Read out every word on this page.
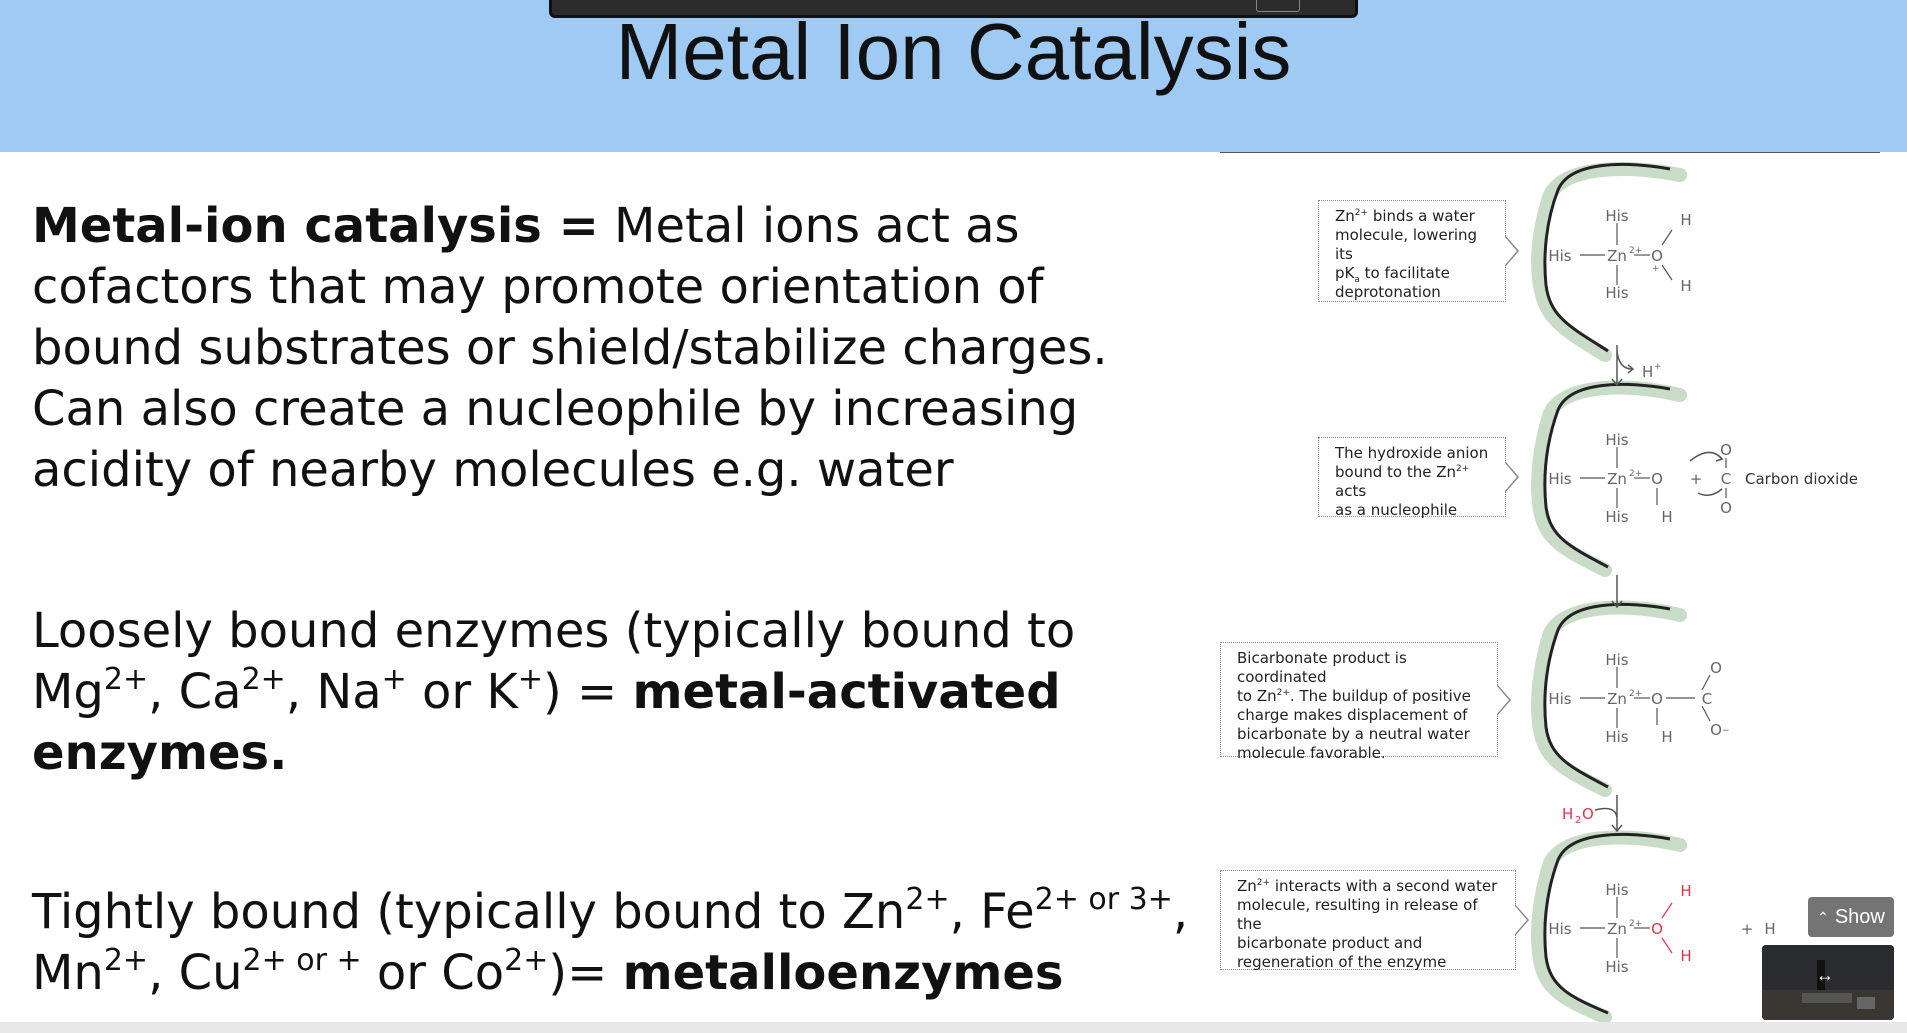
Metal Ion Catalysis
Metal-ion catalysis = Metal ions act as cofactors that may promote orientation of bound substrates or shield/stabilize charges. Can also create a nucleophile by increasing acidity of nearby molecules e.g. water
Loosely bound enzymes (typically bound to $Mg^{2+}$, $Ca^{2+}$, Na+ or K+) = metal-activated enzymes.
Tightly bound (typically bound to $Zn^{2+}$, $Fe^{2+ or 3+}$,
$Mn^{2+}$, $Cu^{2+ or +}$ or $Co^{2+})=$ metalloenzymes
His
His
His Zn O
H
H
H
His
His
His Zn O
H
+
O
C
O
Carbon dioxide
His
His
His Zn O
H
C
O
O
His
His
His Zn	+ H
O
H
H
H 2 O
2+
+
+
2+
2+
−
2+
$Zn^{2+}$ binds a water
molecule, lowering its
$pK_a$ to facilitate
deprotonation
The hydroxide anion
bound to the $Zn^{2+}$ acts
as a nucleophile
Bicarbonate product is coordinated
to $Zn^{2+}$. The buildup of positive
charge makes displacement of
bicarbonate by a neutral water
molecule favorable.
$Zn^{2+}$ interacts with a second water
molecule, resulting in release of the
bicarbonate product and
regeneration of the enzyme
⌃ Show
↔
